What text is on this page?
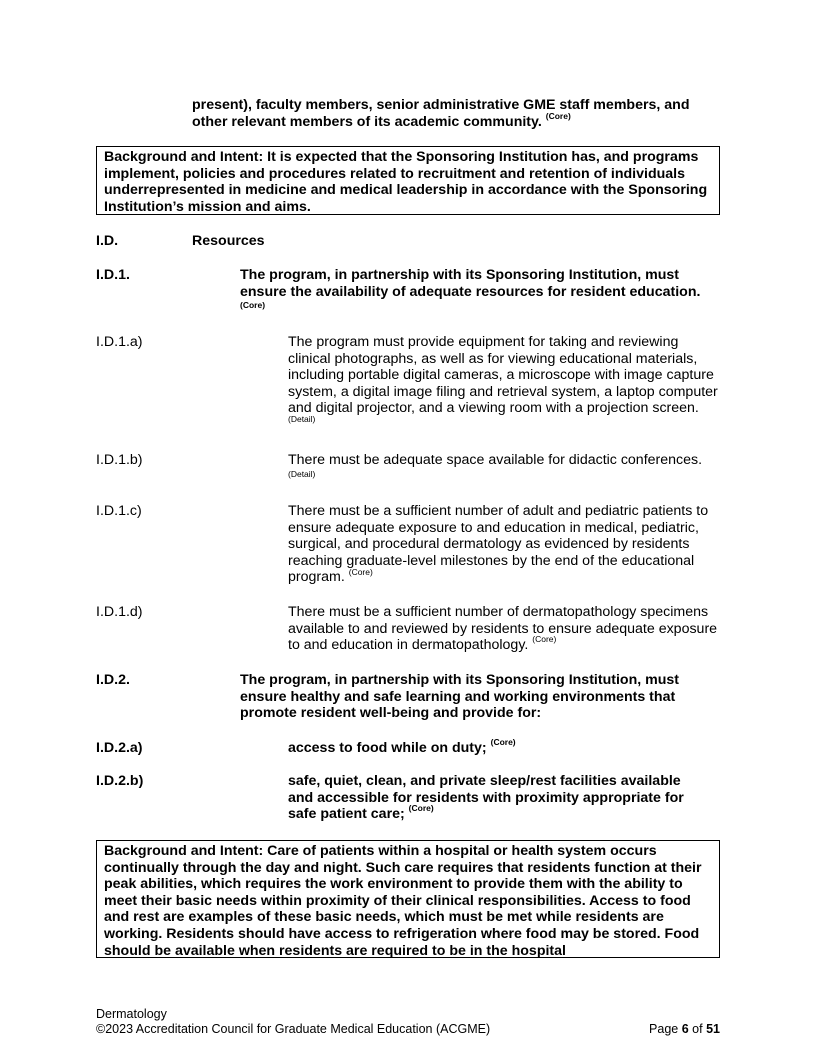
present), faculty members, senior administrative GME staff members, and other relevant members of its academic community. $^{(Core)}$
Background and Intent: It is expected that the Sponsoring Institution has, and programs implement, policies and procedures related to recruitment and retention of individuals underrepresented in medicine and medical leadership in accordance with the Sponsoring Institution’s mission and aims.
I.D.	Resources
I.D.1.	The program, in partnership with its Sponsoring Institution, must ensure the availability of adequate resources for resident education.
(Core)
I.D.1.a)	The program must provide equipment for taking and reviewing clinical photographs, as well as for viewing educational materials, including portable digital cameras, a microscope with image capture system, a digital image filing and retrieval system, a laptop computer and digital projector, and a viewing room with a projection screen. $^{(Detail)}$
I.D.1.b)	There must be adequate space available for didactic conferences.
(Detail)
I.D.1.c)	There must be a sufficient number of adult and pediatric patients to ensure adequate exposure to and education in medical, pediatric, surgical, and procedural dermatology as evidenced by residents reaching graduate-level milestones by the end of the educational program. $^{(Core)}$
I.D.1.d)	There must be a sufficient number of dermatopathology specimens available to and reviewed by residents to ensure adequate exposure to and education in dermatopathology. $^{(Core)}$
I.D.2.	The program, in partnership with its Sponsoring Institution, must ensure healthy and safe learning and working environments that promote resident well-being and provide for:
I.D.2.a)	access to food while on duty; $^{(Core)}$
I.D.2.b)	safe, quiet, clean, and private sleep/rest facilities available and accessible for residents with proximity appropriate for safe patient care; $^{(Core)}$
Background and Intent: Care of patients within a hospital or health system occurs continually through the day and night. Such care requires that residents function at their peak abilities, which requires the work environment to provide them with the ability to meet their basic needs within proximity of their clinical responsibilities. Access to food and rest are examples of these basic needs, which must be met while residents are working. Residents should have access to refrigeration where food may be stored. Food should be available when residents are required to be in the hospital
Dermatology
©2023 Accreditation Council for Graduate Medical Education (ACGME)	Page 6 of 51
